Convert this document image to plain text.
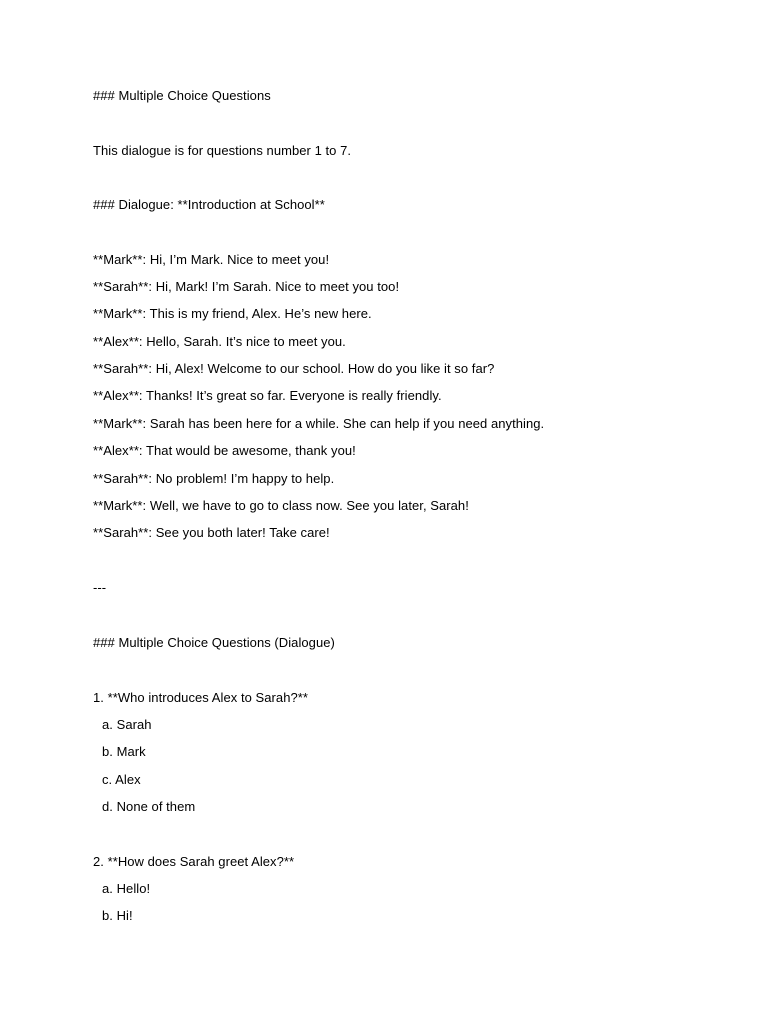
### Multiple Choice Questions
This dialogue is for questions number 1 to 7.
### Dialogue: **Introduction at School**
**Mark**: Hi, I’m Mark. Nice to meet you!
**Sarah**: Hi, Mark! I’m Sarah. Nice to meet you too!
**Mark**: This is my friend, Alex. He’s new here.
**Alex**: Hello, Sarah. It’s nice to meet you.
**Sarah**: Hi, Alex! Welcome to our school. How do you like it so far?
**Alex**: Thanks! It’s great so far. Everyone is really friendly.
**Mark**: Sarah has been here for a while. She can help if you need anything.
**Alex**: That would be awesome, thank you!
**Sarah**: No problem! I’m happy to help.
**Mark**: Well, we have to go to class now. See you later, Sarah!
**Sarah**: See you both later! Take care!
---
### Multiple Choice Questions (Dialogue)
1. **Who introduces Alex to Sarah?**
a. Sarah
b. Mark
c. Alex
d. None of them
2. **How does Sarah greet Alex?**
a. Hello!
b. Hi!
